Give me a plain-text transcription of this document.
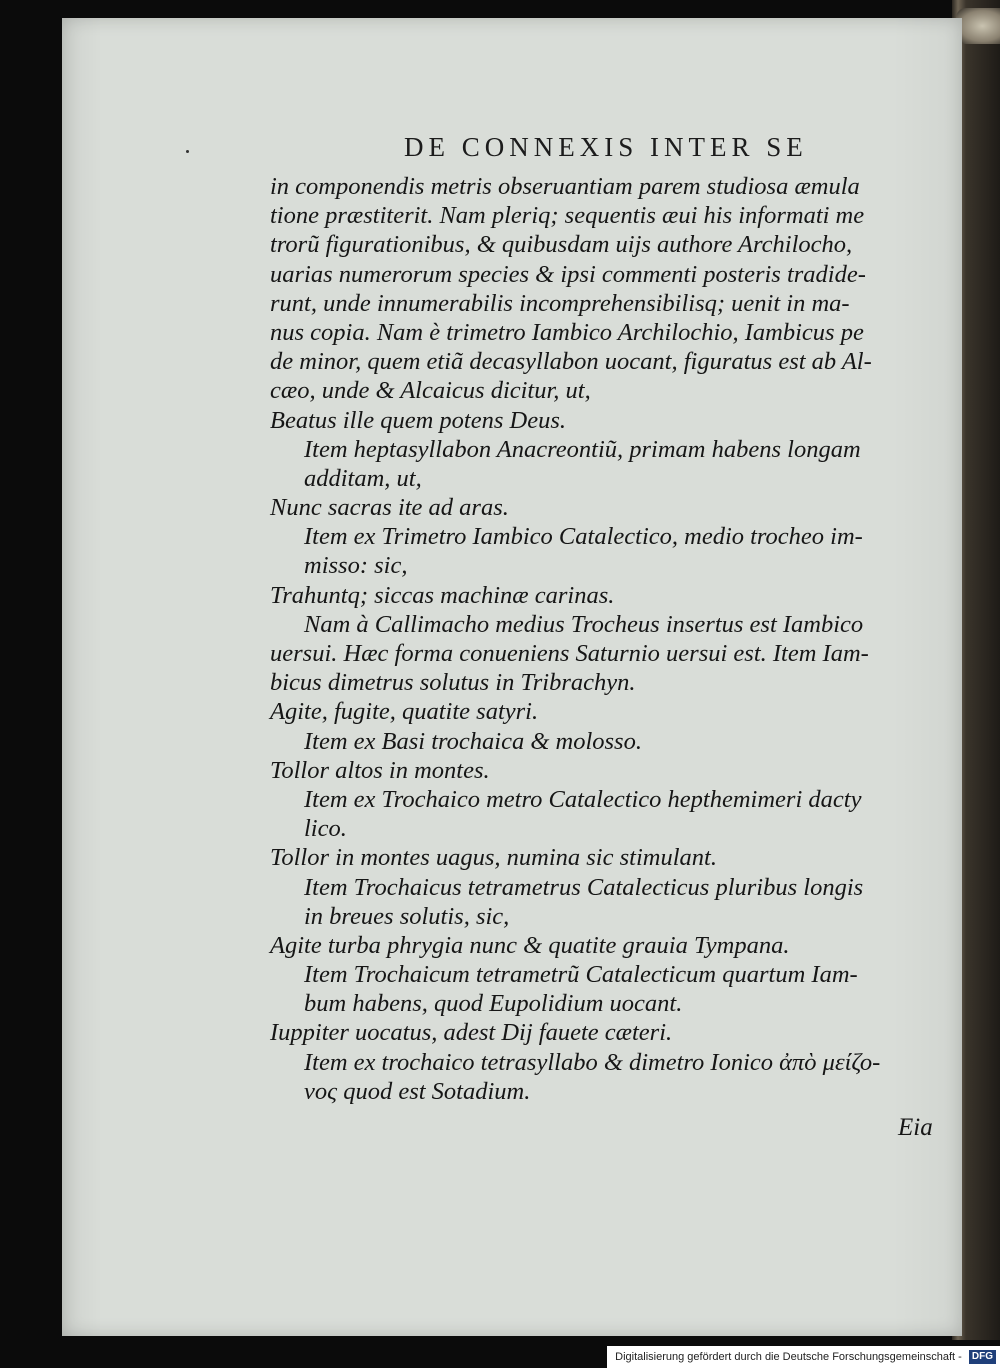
DE CONNEXIS INTER SE
in componendis metris obseruantiam parem studiosa æmula
tione præstiterit. Nam pleriq; sequentis æui his informati me
trorũ figurationibus, & quibusdam uijs authore Archilocho,
uarias numerorum species & ipsi commenti posteris tradide-
runt, unde innumerabilis incomprehensibilisq; uenit in ma-
nus copia. Nam è trimetro Iambico Archilochio, Iambicus pe
de minor, quem etiã decasyllabon uocant, figuratus est ab Al-
cæo, unde & Alcaicus dicitur, ut,
Beatus ille quem potens Deus.
Item heptasyllabon Anacreontiũ, primam habens longam
additam, ut,
Nunc sacras ite ad aras.
Item ex Trimetro Iambico Catalectico, medio trocheo im-
misso: sic,
Trahuntq; siccas machinæ carinas.
Nam à Callimacho medius Trocheus insertus est Iambico
uersui. Hæc forma conueniens Saturnio uersui est. Item Iam-
bicus dimetrus solutus in Tribrachyn.
Agite, fugite, quatite satyri.
Item ex Basi trochaica & molosso.
Tollor altos in montes.
Item ex Trochaico metro Catalectico hepthemimeri dacty
lico.
Tollor in montes uagus, numina sic stimulant.
Item Trochaicus tetrametrus Catalecticus pluribus longis
in breues solutis, sic,
Agite turba phrygia nunc & quatite grauia Tympana.
Item Trochaicum tetrametrũ Catalecticum quartum Iam-
bum habens, quod Eupolidium uocant.
Iuppiter uocatus, adest Dij fauete cæteri.
Item ex trochaico tetrasyllabo & dimetro Ionico ἀπὸ μείζο-
νος quod est Sotadium.
Eia
Digitalisierung gefördert durch die Deutsche Forschungsgemeinschaft - DFG
